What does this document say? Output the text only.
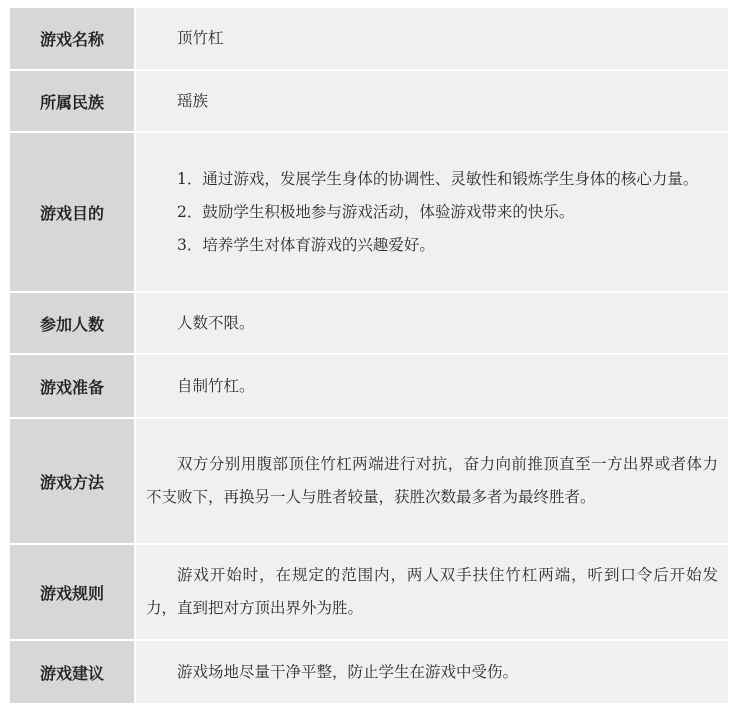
游戏名称	顶竹杠

所属民族	瑶族

游戏目的	1．通过游戏，发展学生身体的协调性、灵敏性和锻炼学生身体的核心力量。

2．鼓励学生积极地参与游戏活动，体验游戏带来的快乐。

3．培养学生对体育游戏的兴趣爱好。

参加人数	人数不限。

游戏准备	自制竹杠。

游戏方法	双方分别用腹部顶住竹杠两端进行对抗，奋力向前推顶直至一方出界或者体力不支败下，再换另一人与胜者较量，获胜次数最多者为最终胜者。

游戏规则	游戏开始时，在规定的范围内，两人双手扶住竹杠两端，听到口令后开始发力，直到把对方顶出界外为胜。

游戏建议	游戏场地尽量干净平整，防止学生在游戏中受伤。
